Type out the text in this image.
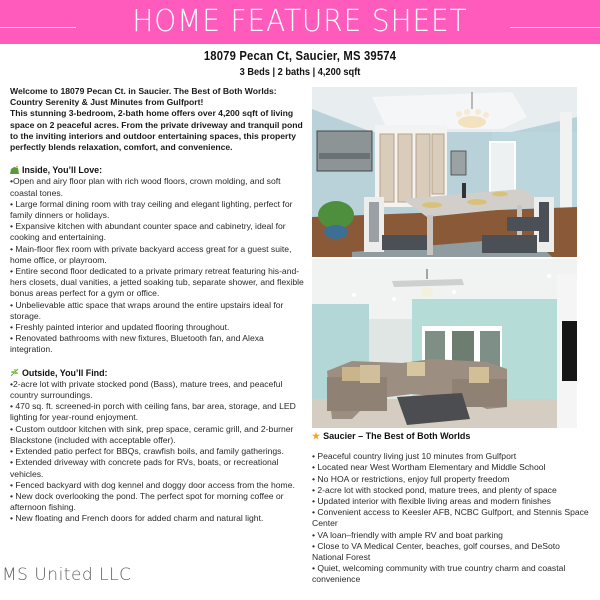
HOME FEATURE SHEET
18079 Pecan Ct, Saucier, MS 39574
3 Beds | 2 baths | 4,200 sqft

Welcome to 18079 Pecan Ct. in Saucier. The Best of Both Worlds: Country Serenity & Just Minutes from Gulfport!

This stunning 3-bedroom, 2-bath home offers over 4,200 sqft of living space on 2 peaceful acres. From the private driveway and tranquil pond to the inviting interiors and outdoor entertaining spaces, this property perfectly blends relaxation, comfort, and convenience.

Inside, You’ll Love:
•Open and airy floor plan with rich wood floors, crown molding, and soft coastal tones.
• Large formal dining room with tray ceiling and elegant lighting, perfect for family dinners or holidays.
• Expansive kitchen with abundant counter space and cabinetry, ideal for cooking and entertaining.
• Main-floor flex room with private backyard access great for a guest suite, home office, or playroom.
• Entire second floor dedicated to a private primary retreat featuring his-and-hers closets, dual vanities, a jetted soaking tub, separate shower, and flexible bonus areas perfect for a gym or office.
• Unbelievable attic space that wraps around the entire upstairs ideal for storage.
• Freshly painted interior and updated flooring throughout.
• Renovated bathrooms with new fixtures, Bluetooth fan, and Alexa integration.
Outside, You’ll Find:
•2-acre lot with private stocked pond (Bass), mature trees, and peaceful country surroundings.
• 470 sq. ft. screened-in porch with ceiling fans, bar area, storage, and LED lighting for year-round enjoyment.
• Custom outdoor kitchen with sink, prep space, ceramic grill, and 2-burner Blackstone (included with acceptable offer).
• Extended patio perfect for BBQs, crawfish boils, and family gatherings.
• Extended driveway with concrete pads for RVs, boats, or recreational vehicles.
• Fenced backyard with dog kennel and doggy door access from the home.
• New dock overlooking the pond. The perfect spot for morning coffee or afternoon fishing.
• New floating and French doors for added charm and natural light.
★ Saucier – The Best of Both Worlds
• Peaceful country living just 10 minutes from Gulfport
• Located near West Wortham Elementary and Middle School
• No HOA or restrictions, enjoy full property freedom
• 2-acre lot with stocked pond, mature trees, and plenty of space
• Updated interior with flexible living areas and modern finishes
• Convenient access to Keesler AFB, NCBC Gulfport, and Stennis Space Center
• VA loan–friendly with ample RV and boat parking
• Close to VA Medical Center, beaches, golf courses, and DeSoto National Forest
• Quiet, welcoming community with true country charm and coastal convenience
MS United LLC
